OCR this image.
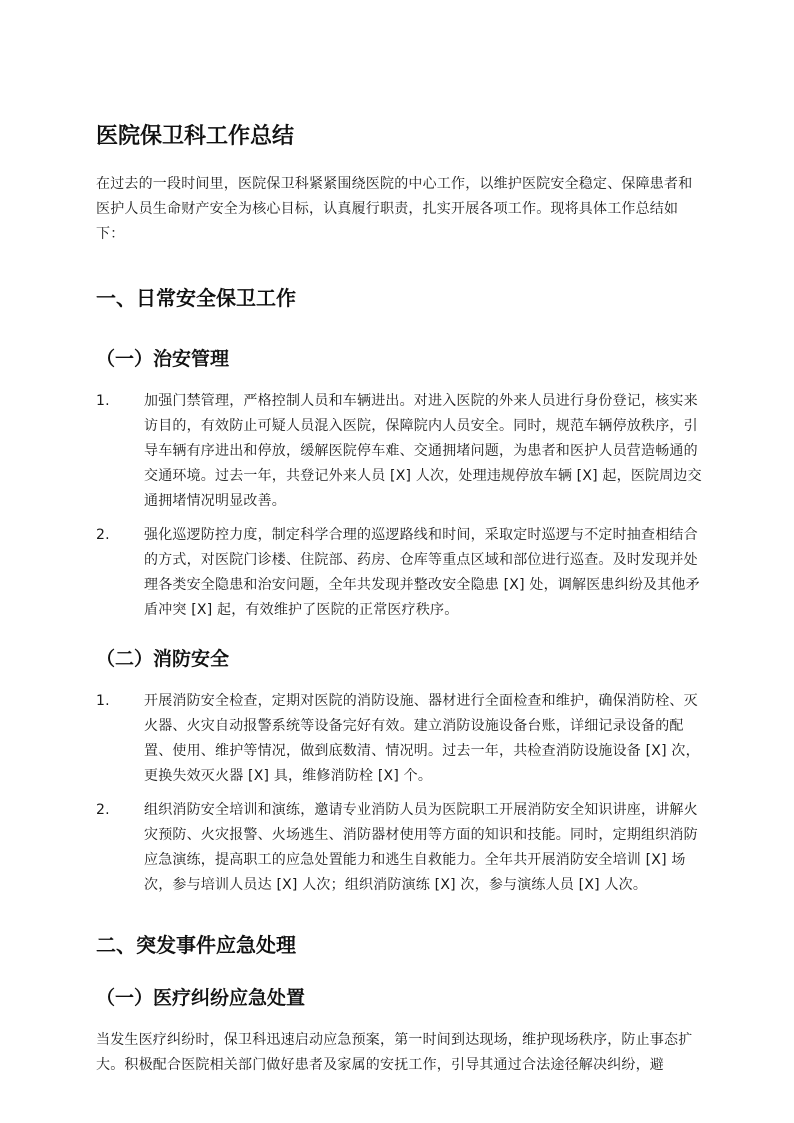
医院保卫科工作总结

在过去的一段时间里，医院保卫科紧紧围绕医院的中心工作，以维护医院安全稳定、保障患者和医护人员生命财产安全为核心目标，认真履行职责，扎实开展各项工作。现将具体工作总结如下：

一、日常安全保卫工作
（一）治安管理
1. 加强门禁管理，严格控制人员和车辆进出。对进入医院的外来人员进行身份登记，核实来访目的，有效防止可疑人员混入医院，保障院内人员安全。同时，规范车辆停放秩序，引导车辆有序进出和停放，缓解医院停车难、交通拥堵问题，为患者和医护人员营造畅通的交通环境。过去一年，共登记外来人员 [X] 人次，处理违规停放车辆 [X] 起，医院周边交通拥堵情况明显改善。
2. 强化巡逻防控力度，制定科学合理的巡逻路线和时间，采取定时巡逻与不定时抽查相结合的方式，对医院门诊楼、住院部、药房、仓库等重点区域和部位进行巡查。及时发现并处理各类安全隐患和治安问题，全年共发现并整改安全隐患 [X] 处，调解医患纠纷及其他矛盾冲突 [X] 起，有效维护了医院的正常医疗秩序。
（二）消防安全
1. 开展消防安全检查，定期对医院的消防设施、器材进行全面检查和维护，确保消防栓、灭火器、火灾自动报警系统等设备完好有效。建立消防设施设备台账，详细记录设备的配置、使用、维护等情况，做到底数清、情况明。过去一年，共检查消防设施设备 [X] 次，更换失效灭火器 [X] 具，维修消防栓 [X] 个。
2. 组织消防安全培训和演练，邀请专业消防人员为医院职工开展消防安全知识讲座，讲解火灾预防、火灾报警、火场逃生、消防器材使用等方面的知识和技能。同时，定期组织消防应急演练，提高职工的应急处置能力和逃生自救能力。全年共开展消防安全培训 [X] 场次，参与培训人员达 [X] 人次；组织消防演练 [X] 次，参与演练人员 [X] 人次。
二、突发事件应急处理
（一）医疗纠纷应急处置

当发生医疗纠纷时，保卫科迅速启动应急预案，第一时间到达现场，维护现场秩序，防止事态扩大。积极配合医院相关部门做好患者及家属的安抚工作，引导其通过合法途径解决纠纷，避
